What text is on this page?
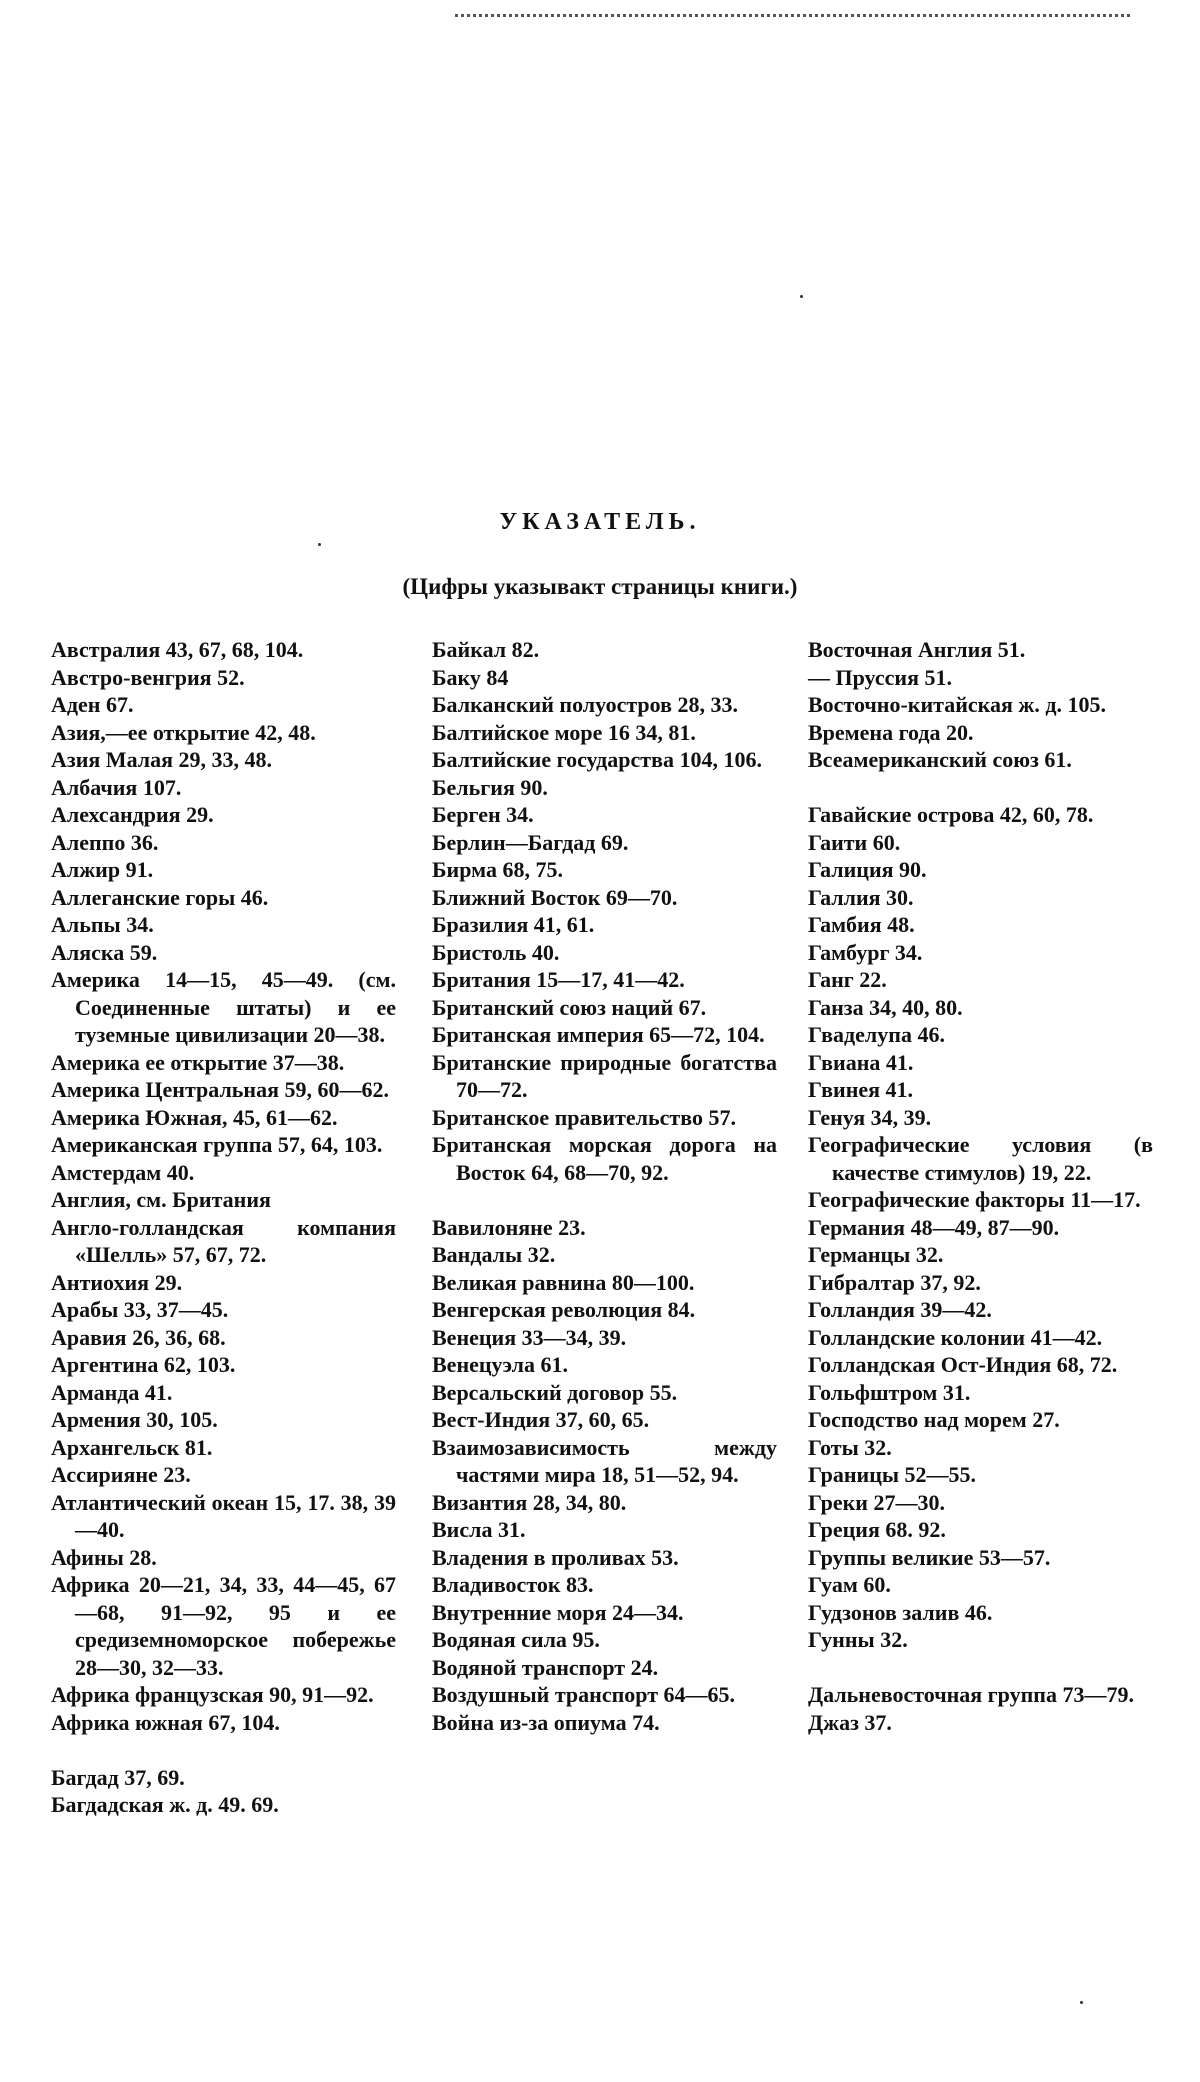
УКАЗАТЕЛЬ.
(Цифры указывакт страницы книги.)
Австралия 43, 67, 68, 104.
Австро-венгрия 52.
Аден 67.
Азия,—ее открытие 42, 48.
Азия Малая 29, 33, 48.
Албачия 107.
Алехсандрия 29.
Алеппо 36.
Алжир 91.
Аллеганские горы 46.
Альпы 34.
Аляска 59.
Америка 14—15, 45—49. (см. Соединенные штаты) и ее туземные цивилизации 20—38.
Америка ее открытие 37—38.
Америка Центральная 59, 60—62.
Америка Южная, 45, 61—62.
Американская группа 57, 64, 103.
Амстердам 40.
Англия, см. Британия
Англо-голландская компания «Шелль» 57, 67, 72.
Антиохия 29.
Арабы 33, 37—45.
Аравия 26, 36, 68.
Аргентина 62, 103.
Арманда 41.
Армения 30, 105.
Архангельск 81.
Ассирияне 23.
Атлантический океан 15, 17. 38, 39—40.
Афины 28.
Африка 20—21, 34, 33, 44—45, 67—68, 91—92, 95 и ее средиземноморское побережье 28—30, 32—33.
Африка французская 90, 91—92.
Африка южная 67, 104.
Багдад 37, 69.
Багдадская ж. д. 49. 69.
Байкал 82.
Баку 84
Балканский полуостров 28, 33.
Балтийское море 16 34, 81.
Балтийские государства 104, 106.
Бельгия 90.
Берген 34.
Берлин—Багдад 69.
Бирма 68, 75.
Ближний Восток 69—70.
Бразилия 41, 61.
Бристоль 40.
Британия 15—17, 41—42.
Британский союз наций 67.
Британская империя 65—72, 104.
Британские природные богатства 70—72.
Британское правительство 57.
Британская морская дорога на Восток 64, 68—70, 92.
Вавилоняне 23.
Вандалы 32.
Великая равнина 80—100.
Венгерская революция 84.
Венеция 33—34, 39.
Венецуэла 61.
Версальский договор 55.
Вест-Индия 37, 60, 65.
Взаимозависимость между частями мира 18, 51—52, 94.
Византия 28, 34, 80.
Висла 31.
Владения в проливах 53.
Владивосток 83.
Внутренние моря 24—34.
Водяная сила 95.
Водяной транспорт 24.
Воздушный транспорт 64—65.
Война из-за опиума 74.
Восточная Англия 51.
— Пруссия 51.
Восточно-китайская ж. д. 105.
Времена года 20.
Всеамериканский союз 61.
Гавайские острова 42, 60, 78.
Гаити 60.
Галиция 90.
Галлия 30.
Гамбия 48.
Гамбург 34.
Ганг 22.
Ганза 34, 40, 80.
Гваделупа 46.
Гвиана 41.
Гвинея 41.
Генуя 34, 39.
Географические условия (в качестве стимулов) 19, 22.
Географические факторы 11—17.
Германия 48—49, 87—90.
Германцы 32.
Гибралтар 37, 92.
Голландия 39—42.
Голландские колонии 41—42.
Голландская Ост-Индия 68, 72.
Гольфштром 31.
Господство над морем 27.
Готы 32.
Границы 52—55.
Греки 27—30.
Греция 68. 92.
Группы великие 53—57.
Гуам 60.
Гудзонов залив 46.
Гунны 32.
Дальневосточная группа 73—79.
Джаз 37.
